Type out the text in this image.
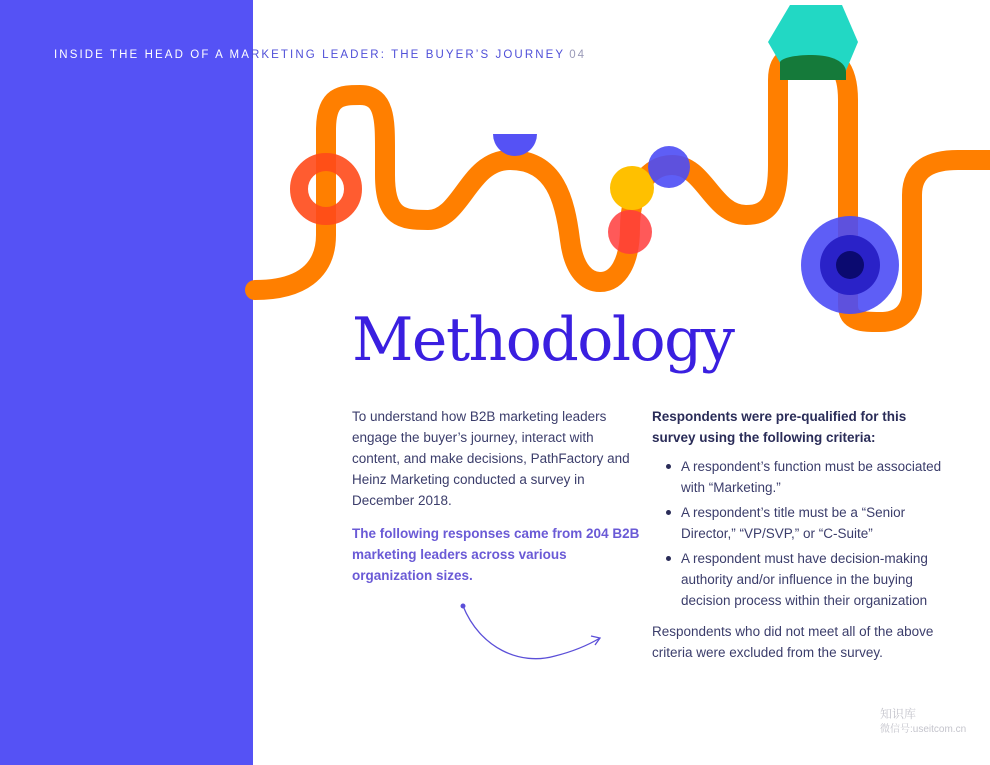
INSIDE THE HEAD OF A MARKETING LEADER: THE BUYER’S JOURNEY 04
Methodology

To understand how B2B marketing leaders engage the buyer’s journey, interact with content, and make decisions, PathFactory and Heinz Marketing conducted a survey in December 2018.

The following responses came from 204 B2B marketing leaders across various organization sizes.

Respondents were pre-qualified for this survey using the following criteria:

A respondent’s function must be associated with “Marketing.”
A respondent’s title must be a “Senior Director,” “VP/SVP,” or “C-Suite”
A respondent must have decision-making authority and/or influence in the buying decision process within their organization

Respondents who did not meet all of the above criteria were excluded from the survey.

知识库
微信号:useitcom.cn
